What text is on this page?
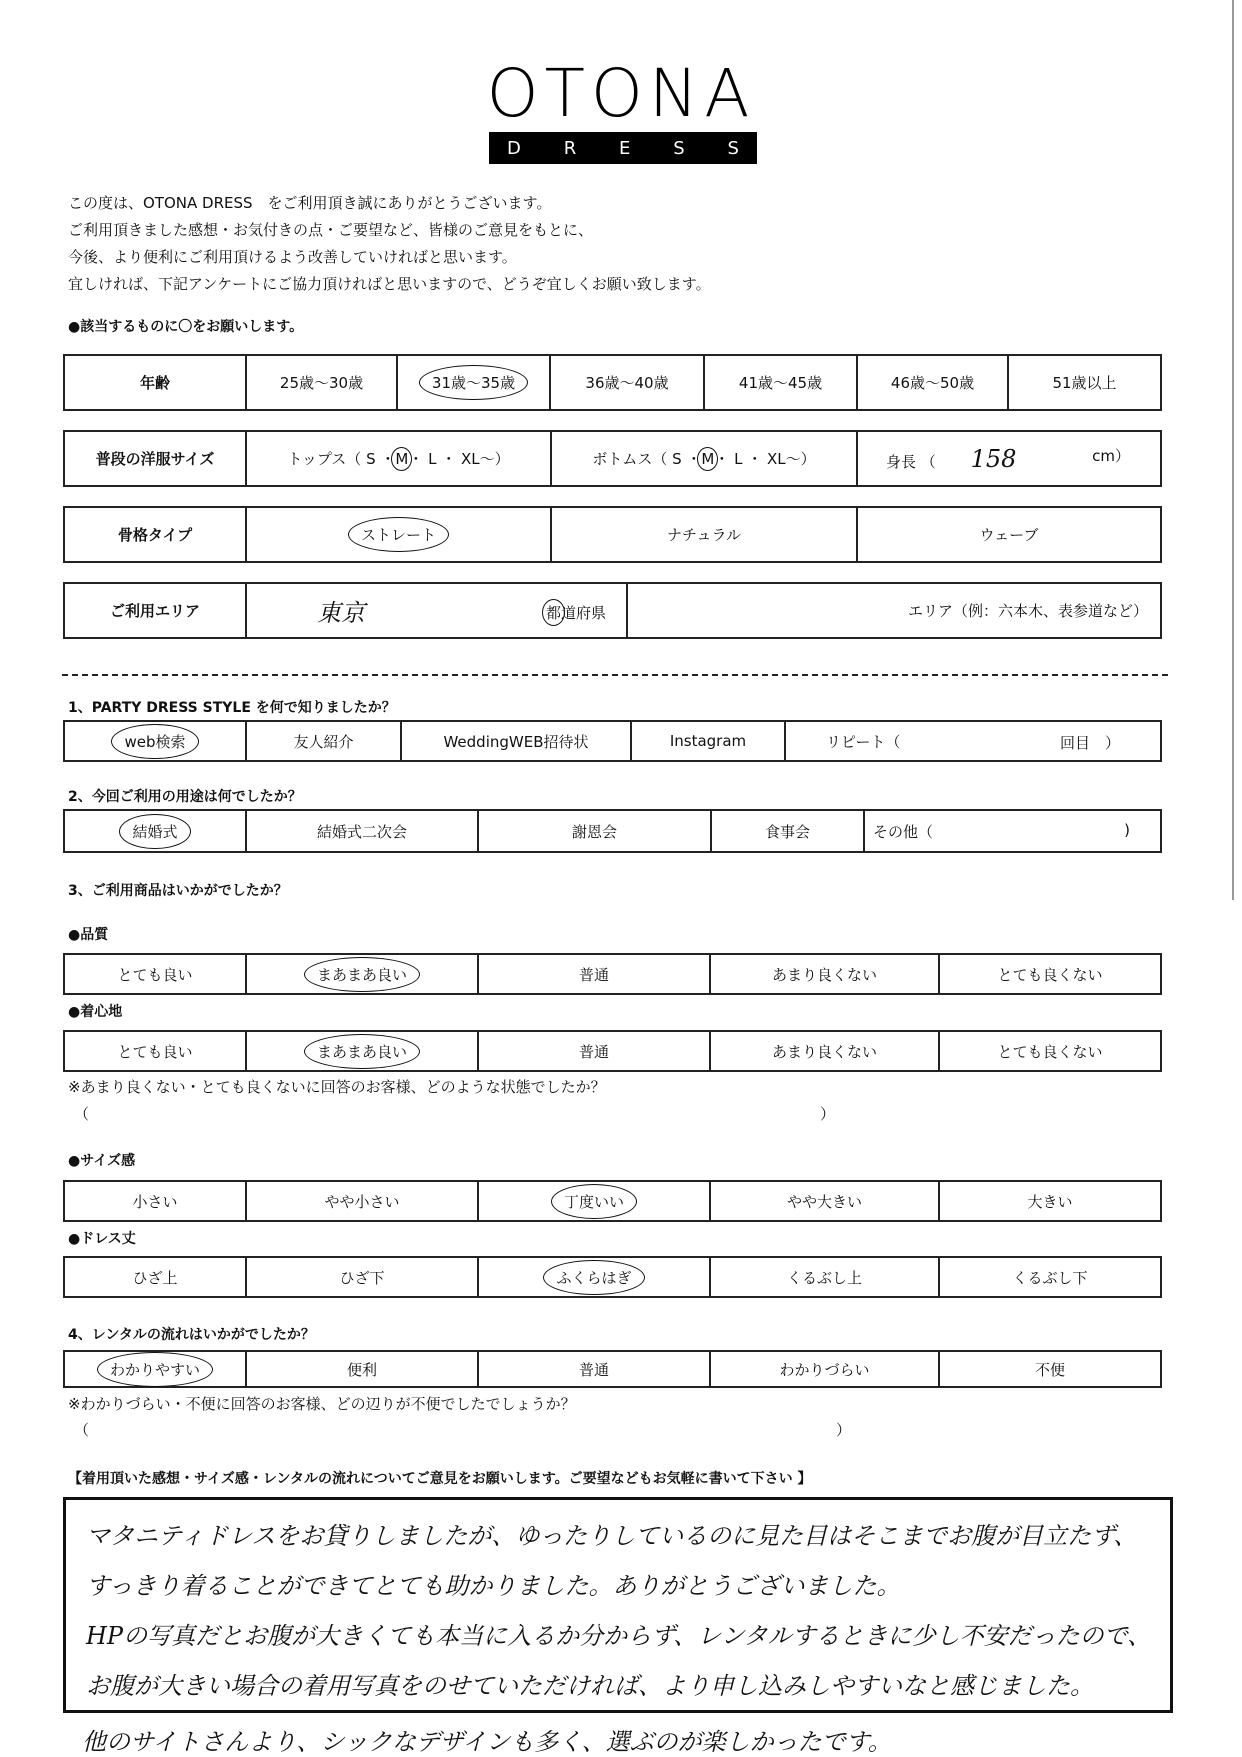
OTONA
D R E S S
この度は、OTONA DRESS　をご利用頂き誠にありがとうございます。
ご利用頂きました感想・お気付きの点・ご要望など、皆様のご意見をもとに、
今後、より便利にご利用頂けるよう改善していければと思います。
宜しければ、下記アンケートにご協力頂ければと思いますので、どうぞ宜しくお願い致します。
●該当するものに〇をお願いします。
年齢	25歳〜30歳	31歳〜35歳	36歳〜40歳	41歳〜45歳	46歳〜50歳	51歳以上
普段の洋服サイズ	トップス（ S ・M・ L ・ XL〜）	ボトムス（ S ・M・ L ・ XL〜）	身長 （ 158	cm）
骨格タイプ	ストレート	ナチュラル	ウェーブ
ご利用エリア	東京	都道府県	エリア（例：六本木、表参道など）
1、PARTY DRESS STYLE を何で知りましたか？
web検索	友人紹介	WeddingWEB招待状	Instagram	リピート（	回目　）
2、今回ご利用の用途は何でしたか？
結婚式	結婚式二次会	謝恩会	食事会	その他（	)
3、ご利用商品はいかがでしたか？
●品質
とても良い	まあまあ良い	普通	あまり良くない	とても良くない
●着心地
とても良い	まあまあ良い	普通	あまり良くない	とても良くない
※あまり良くない・とても良くないに回答のお客様、どのような状態でしたか？
（	）
●サイズ感
小さい	やや小さい	丁度いい	やや大きい	大きい
●ドレス丈
ひざ上	ひざ下	ふくらはぎ	くるぶし上	くるぶし下
4、レンタルの流れはいかがでしたか？
わかりやすい	便利	普通	わかりづらい	不便
※わかりづらい・不便に回答のお客様、どの辺りが不便でしたでしょうか？
（	）
【着用頂いた感想・サイズ感・レンタルの流れについてご意見をお願いします。ご要望などもお気軽に書いて下さい 】
マタニティドレスをお貸りしましたが、ゆったりしているのに見た目はそこまでお腹が目立たず、
すっきり着ることができてとても助かりました。ありがとうございました。
HPの写真だとお腹が大きくても本当に入るか分からず、レンタルするときに少し不安だったので、
お腹が大きい場合の着用写真をのせていただければ、より申し込みしやすいなと感じました。
他のサイトさんより、シックなデザインも多く、選ぶのが楽しかったです。
